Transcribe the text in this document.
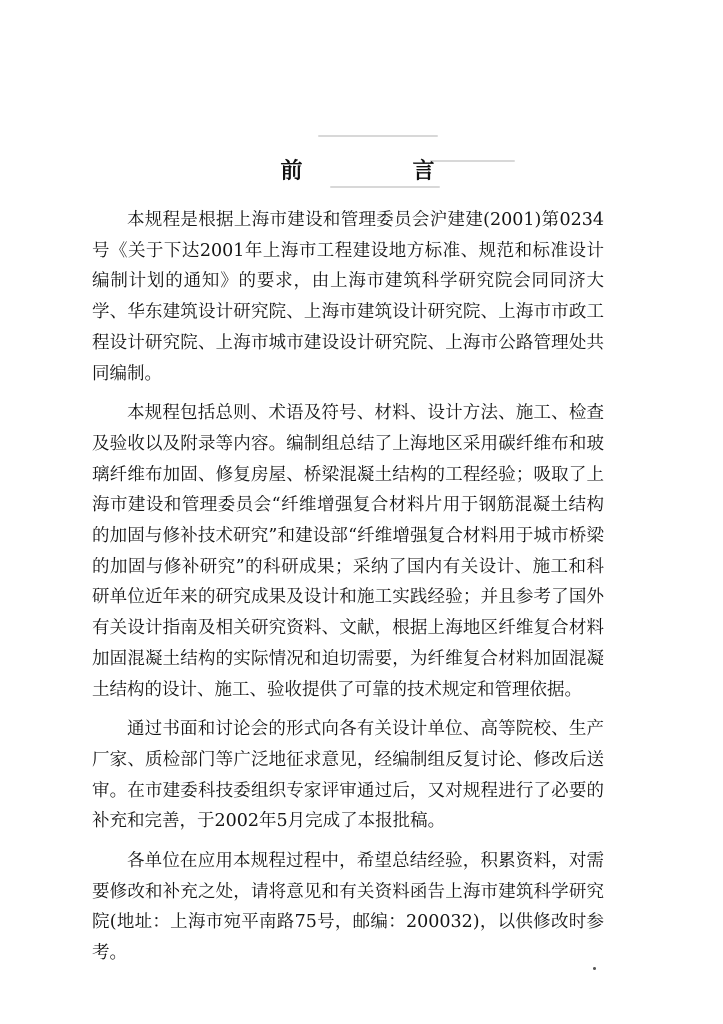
前　言

本规程是根据上海市建设和管理委员会沪建建(2001)第0234号《关于下达2001年上海市工程建设地方标准、规范和标准设计编制计划的通知》的要求，由上海市建筑科学研究院会同同济大学、华东建筑设计研究院、上海市建筑设计研究院、上海市市政工程设计研究院、上海市城市建设设计研究院、上海市公路管理处共同编制。

本规程包括总则、术语及符号、材料、设计方法、施工、检查及验收以及附录等内容。编制组总结了上海地区采用碳纤维布和玻璃纤维布加固、修复房屋、桥梁混凝土结构的工程经验；吸取了上海市建设和管理委员会“纤维增强复合材料片用于钢筋混凝土结构的加固与修补技术研究”和建设部“纤维增强复合材料用于城市桥梁的加固与修补研究”的科研成果；采纳了国内有关设计、施工和科研单位近年来的研究成果及设计和施工实践经验；并且参考了国外有关设计指南及相关研究资料、文献，根据上海地区纤维复合材料加固混凝土结构的实际情况和迫切需要，为纤维复合材料加固混凝土结构的设计、施工、验收提供了可靠的技术规定和管理依据。

通过书面和讨论会的形式向各有关设计单位、高等院校、生产厂家、质检部门等广泛地征求意见，经编制组反复讨论、修改后送审。在市建委科技委组织专家评审通过后，又对规程进行了必要的补充和完善，于2002年5月完成了本报批稿。

各单位在应用本规程过程中，希望总结经验，积累资料，对需要修改和补充之处，请将意见和有关资料函告上海市建筑科学研究院(地址：上海市宛平南路75号，邮编：200032)，以供修改时参考。
